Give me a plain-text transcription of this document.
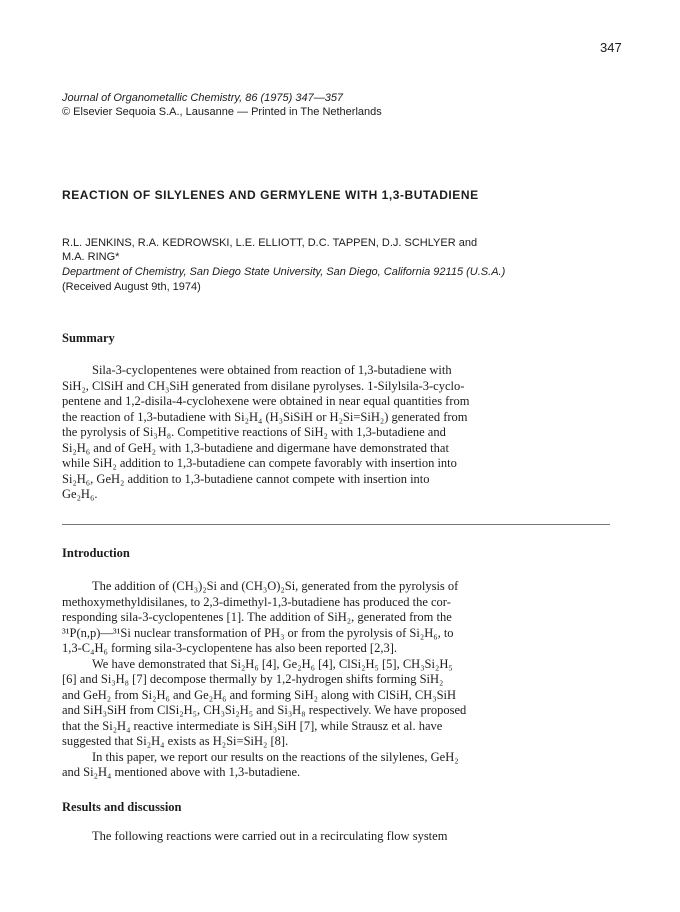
347
Journal of Organometallic Chemistry, 86 (1975) 347—357
© Elsevier Sequoia S.A., Lausanne — Printed in The Netherlands
REACTION OF SILYLENES AND GERMYLENE WITH 1,3-BUTADIENE
R.L. JENKINS, R.A. KEDROWSKI, L.E. ELLIOTT, D.C. TAPPEN, D.J. SCHLYER and
M.A. RING*
Department of Chemistry, San Diego State University, San Diego, California 92115 (U.S.A.)
(Received August 9th, 1974)
Summary
Sila-3-cyclopentenes were obtained from reaction of 1,3-butadiene with
SiH₂, ClSiH and CH₃SiH generated from disilane pyrolyses. 1-Silylsila-3-cyclo-
pentene and 1,2-disila-4-cyclohexene were obtained in near equal quantities from
the reaction of 1,3-butadiene with Si₂H₄ (H₃SiSiH or H₂Si=SiH₂) generated from
the pyrolysis of Si₃H₈. Competitive reactions of SiH₂ with 1,3-butadiene and
Si₂H₆ and of GeH₂ with 1,3-butadiene and digermane have demonstrated that
while SiH₂ addition to 1,3-butadiene can compete favorably with insertion into
Si₂H₆, GeH₂ addition to 1,3-butadiene cannot compete with insertion into
Ge₂H₆.
Introduction
The addition of (CH₃)₂Si and (CH₃O)₂Si, generated from the pyrolysis of
methoxymethyldisilanes, to 2,3-dimethyl-1,3-butadiene has produced the cor-
responding sila-3-cyclopentenes [1]. The addition of SiH₂, generated from the
³¹P(n,p)—³¹Si nuclear transformation of PH₃ or from the pyrolysis of Si₂H₆, to
1,3-C₄H₆ forming sila-3-cyclopentene has also been reported [2,3].
We have demonstrated that Si₂H₆ [4], Ge₂H₆ [4], ClSi₂H₅ [5], CH₃Si₂H₅
[6] and Si₃H₈ [7] decompose thermally by 1,2-hydrogen shifts forming SiH₂
and GeH₂ from Si₂H₆ and Ge₂H₆ and forming SiH₂ along with ClSiH, CH₃SiH
and SiH₃SiH from ClSi₂H₅, CH₃Si₂H₅ and Si₃H₈ respectively. We have proposed
that the Si₂H₄ reactive intermediate is SiH₃SiH [7], while Strausz et al. have
suggested that Si₂H₄ exists as H₂Si=SiH₂ [8].
In this paper, we report our results on the reactions of the silylenes, GeH₂
and Si₂H₄ mentioned above with 1,3-butadiene.
Results and discussion
The following reactions were carried out in a recirculating flow system
